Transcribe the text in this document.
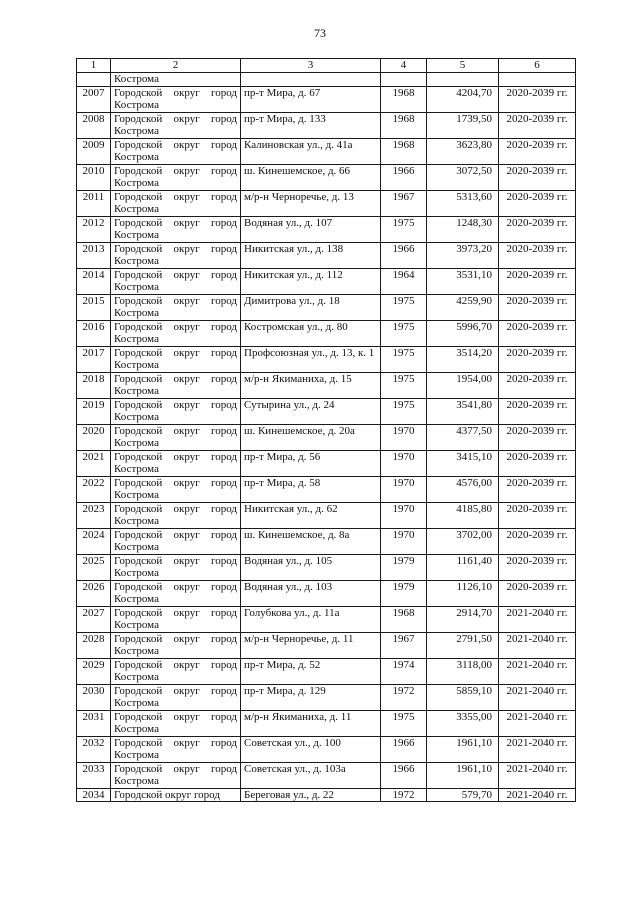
73
1	2	3	4	5	6
	Кострома				
2007	Городской округ город Кострома	пр-т Мира, д. 67	1968	4204,70	2020-2039 гг.
2008	Городской округ город Кострома	пр-т Мира, д. 133	1968	1739,50	2020-2039 гг.
2009	Городской округ город Кострома	Калиновская ул., д. 41а	1968	3623,80	2020-2039 гг.
2010	Городской округ город Кострома	ш. Кинешемское, д. 66	1966	3072,50	2020-2039 гг.
2011	Городской округ город Кострома	м/р-н Черноречье, д. 13	1967	5313,60	2020-2039 гг.
2012	Городской округ город Кострома	Водяная ул., д. 107	1975	1248,30	2020-2039 гг.
2013	Городской округ город Кострома	Никитская ул., д. 138	1966	3973,20	2020-2039 гг.
2014	Городской округ город Кострома	Никитская ул., д. 112	1964	3531,10	2020-2039 гг.
2015	Городской округ город Кострома	Димитрова ул., д. 18	1975	4259,90	2020-2039 гг.
2016	Городской округ город Кострома	Костромская ул., д. 80	1975	5996,70	2020-2039 гг.
2017	Городской округ город Кострома	Профсоюзная ул., д. 13, к. 1	1975	3514,20	2020-2039 гг.
2018	Городской округ город Кострома	м/р-н Якиманиха, д. 15	1975	1954,00	2020-2039 гг.
2019	Городской округ город Кострома	Сутырина ул., д. 24	1975	3541,80	2020-2039 гг.
2020	Городской округ город Кострома	ш. Кинешемское, д. 20а	1970	4377,50	2020-2039 гг.
2021	Городской округ город Кострома	пр-т Мира, д. 56	1970	3415,10	2020-2039 гг.
2022	Городской округ город Кострома	пр-т Мира, д. 58	1970	4576,00	2020-2039 гг.
2023	Городской округ город Кострома	Никитская ул., д. 62	1970	4185,80	2020-2039 гг.
2024	Городской округ город Кострома	ш. Кинешемское, д. 8а	1970	3702,00	2020-2039 гг.
2025	Городской округ город Кострома	Водяная ул., д. 105	1979	1161,40	2020-2039 гг.
2026	Городской округ город Кострома	Водяная ул., д. 103	1979	1126,10	2020-2039 гг.
2027	Городской округ город Кострома	Голубкова ул., д. 11а	1968	2914,70	2021-2040 гг.
2028	Городской округ город Кострома	м/р-н Черноречье, д. 11	1967	2791,50	2021-2040 гг.
2029	Городской округ город Кострома	пр-т Мира, д. 52	1974	3118,00	2021-2040 гг.
2030	Городской округ город Кострома	пр-т Мира, д. 129	1972	5859,10	2021-2040 гг.
2031	Городской округ город Кострома	м/р-н Якиманиха, д. 11	1975	3355,00	2021-2040 гг.
2032	Городской округ город Кострома	Советская ул., д. 100	1966	1961,10	2021-2040 гг.
2033	Городской округ город Кострома	Советская ул., д. 103а	1966	1961,10	2021-2040 гг.
2034	Городской округ город	Береговая ул., д. 22	1972	579,70	2021-2040 гг.
